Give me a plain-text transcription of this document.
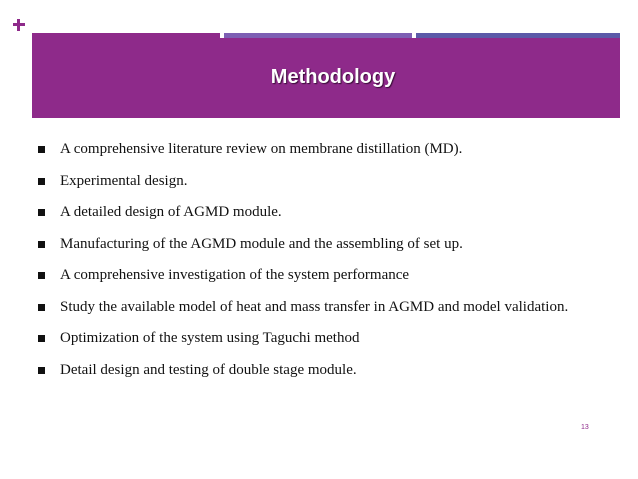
Methodology
A comprehensive literature review on membrane distillation (MD).
Experimental design.
A detailed design of AGMD module.
Manufacturing of the AGMD module and the assembling of set up.
A comprehensive investigation of the system performance
Study the available model of heat and mass transfer in AGMD and model validation.
Optimization of the system using Taguchi method
Detail design and testing of double stage module.
13
